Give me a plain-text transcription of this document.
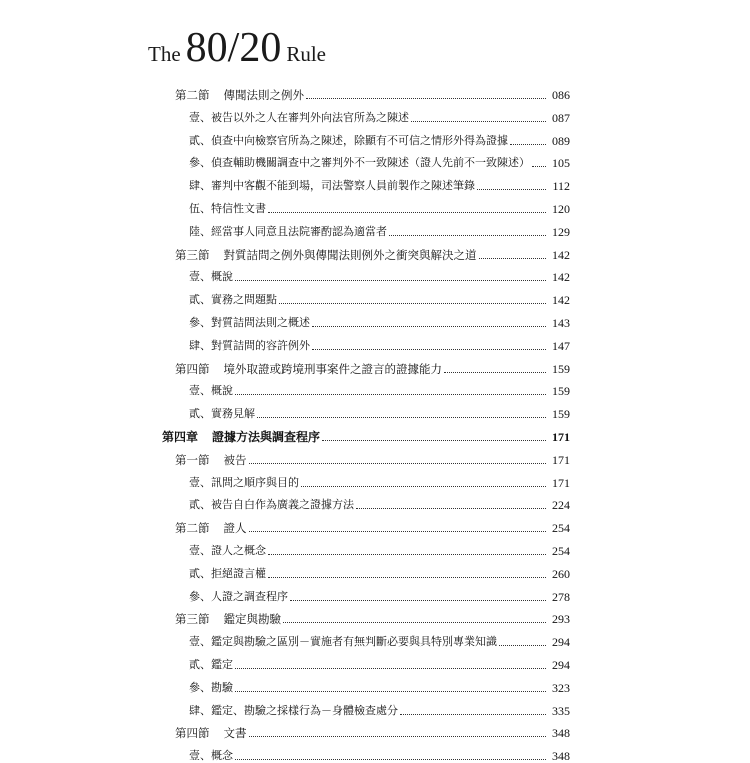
The 80/20 Rule
第二節 傳聞法則之例外	086
壹、被告以外之人在審判外向法官所為之陳述	087
貳、偵查中向檢察官所為之陳述，除顯有不可信之情形外得為證據	089
參、偵查輔助機關調查中之審判外不一致陳述（證人先前不一致陳述）	105
肆、審判中客觀不能到場，司法警察人員前製作之陳述筆錄	112
伍、特信性文書	120
陸、經當事人同意且法院審酌認為適當者	129
第三節 對質詰問之例外與傳聞法則例外之衝突與解決之道	142
壹、概說	142
貳、實務之問題點	142
參、對質詰問法則之概述	143
肆、對質詰問的容許例外	147
第四節 境外取證或跨境刑事案件之證言的證據能力	159
壹、概說	159
貳、實務見解	159
第四章 證據方法與調查程序	171
第一節 被告	171
壹、訊問之順序與目的	171
貳、被告自白作為廣義之證據方法	224
第二節 證人	254
壹、證人之概念	254
貳、拒絕證言權	260
參、人證之調查程序	278
第三節 鑑定與勘驗	293
壹、鑑定與勘驗之區別－實施者有無判斷必要與具特別專業知識	294
貳、鑑定	294
參、勘驗	323
肆、鑑定、勘驗之採樣行為－身體檢查處分	335
第四節 文書	348
壹、概念	348
